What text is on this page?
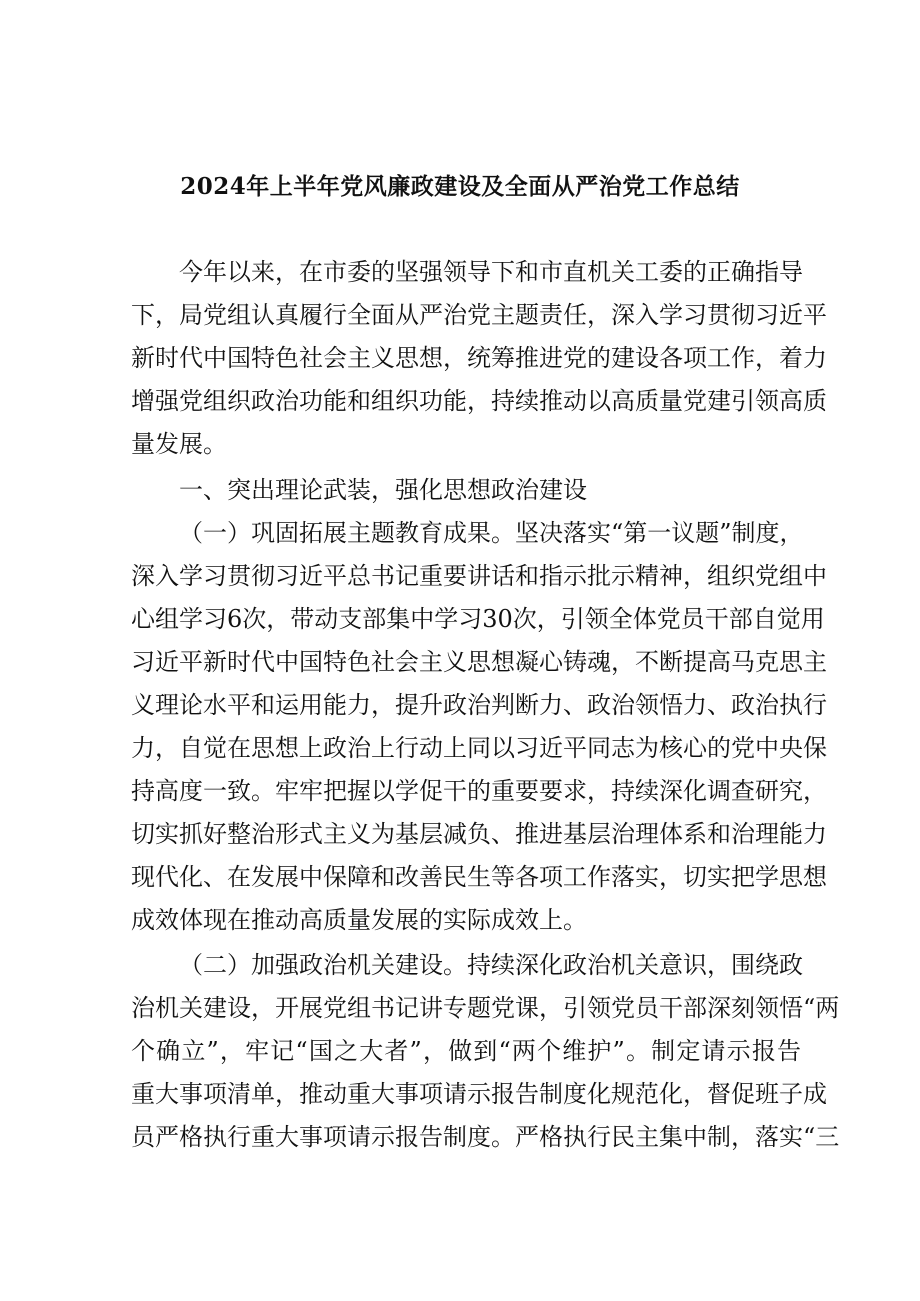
2024年上半年党风廉政建设及全面从严治党工作总结
今年以来，在市委的坚强领导下和市直机关工委的正确指导
下，局党组认真履行全面从严治党主题责任，深入学习贯彻习近平
新时代中国特色社会主义思想，统筹推进党的建设各项工作，着力
增强党组织政治功能和组织功能，持续推动以高质量党建引领高质
量发展。
一、突出理论武装，强化思想政治建设
（一）巩固拓展主题教育成果。坚决落实“第一议题”制度，
深入学习贯彻习近平总书记重要讲话和指示批示精神，组织党组中
心组学习6次，带动支部集中学习30次，引领全体党员干部自觉用
习近平新时代中国特色社会主义思想凝心铸魂，不断提高马克思主
义理论水平和运用能力，提升政治判断力、政治领悟力、政治执行
力，自觉在思想上政治上行动上同以习近平同志为核心的党中央保
持高度一致。牢牢把握以学促干的重要要求，持续深化调查研究，
切实抓好整治形式主义为基层减负、推进基层治理体系和治理能力
现代化、在发展中保障和改善民生等各项工作落实，切实把学思想
成效体现在推动高质量发展的实际成效上。
（二）加强政治机关建设。持续深化政治机关意识，围绕政
治机关建设，开展党组书记讲专题党课，引领党员干部深刻领悟“两
个确立”，牢记“国之大者”，做到“两个维护”。制定请示报告
重大事项清单，推动重大事项请示报告制度化规范化，督促班子成
员严格执行重大事项请示报告制度。严格执行民主集中制，落实“三
